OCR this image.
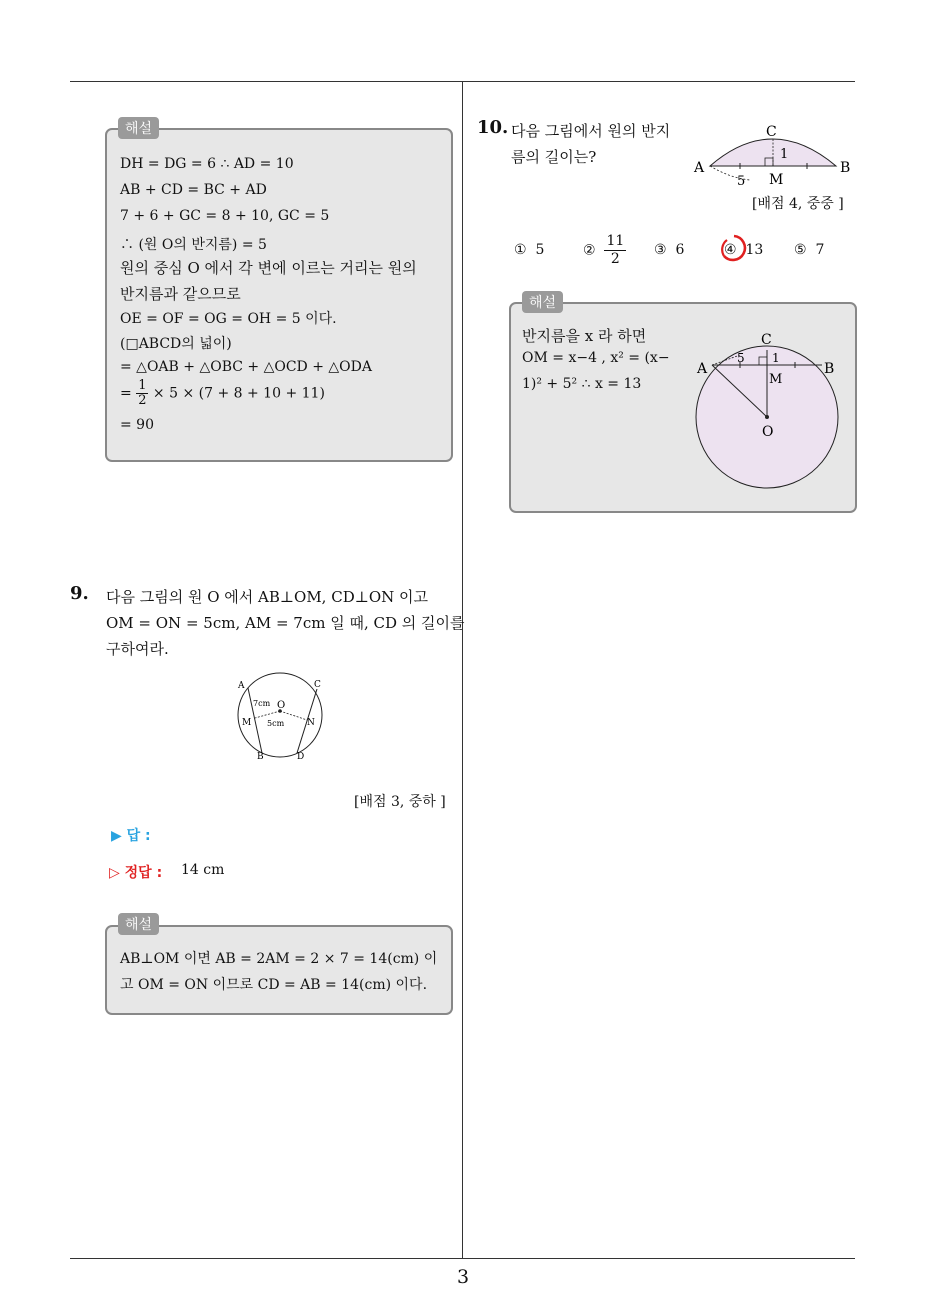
3
해설
DH = DG = 6 ∴ AD = 10
AB + CD = BC + AD
7 + 6 + GC = 8 + 10, GC = 5
∴ (원 O의 반지름) = 5
원의 중심 O 에서 각 변에 이르는 거리는 원의
반지름과 같으므로
OE = OF = OG = OH = 5 이다.
(□ABCD의 넓이)
= △OAB + △OBC + △OCD + △ODA
= $\frac{1}{2} \times 5 \times (7 + 8 + 10 + 11)$
= 90
9. 다음 그림의 원 O 에서 AB⊥OM, CD⊥ON 이고
OM = ON = 5cm, AM = 7cm 일 때, CD 의 길이를
구하여라.
A	C
O
M	N
B	D
7cm
5cm
[배점 3, 중하 ]
▶ 답 :
▷ 정답 : 14 cm
해설
AB⊥OM 이면 AB = 2AM = 2 × 7 = 14(cm) 이
고 OM = ON 이므로 CD = AB = 14(cm) 이다.
10. 다음 그림에서 원의 반지
름의 길이는?
C
A	B
M
5
1
[배점 4, 중중 ]
① 5	② $\frac{11}{2}$ ③ 6	④ 13 ⑤ 7
해설
반지름을 x 라 하면
OM = x−4 , x² = (x−
1)² + 5² ∴ x = 13
C
A	B
M
O
5 1
